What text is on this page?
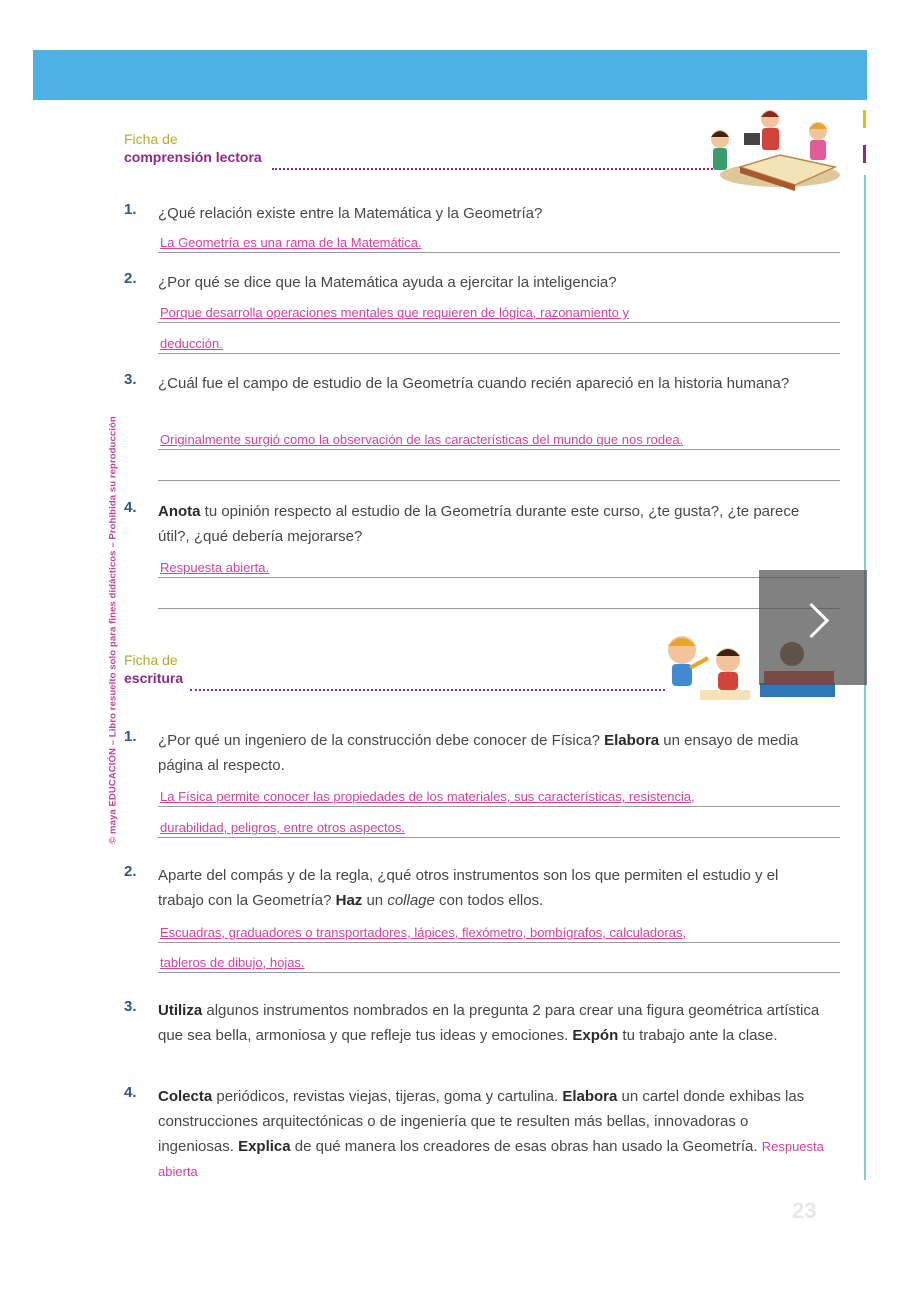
© maya EDUCACIÓN – Libro resuelto solo para fines didácticos – Prohibida su reproducción
Ficha de
comprensión lectora
1. ¿Qué relación existe entre la Matemática y la Geometría?
La Geometría es una rama de la Matemática.
2. ¿Por qué se dice que la Matemática ayuda a ejercitar la inteligencia?
Porque desarrolla operaciones mentales que requieren de lógica, razonamiento y
deducción.
3. ¿Cuál fue el campo de estudio de la Geometría cuando recién apareció en la historia humana?
Originalmente surgió como la observación de las características del mundo que nos rodea.
4. Anota tu opinión respecto al estudio de la Geometría durante este curso, ¿te gusta?, ¿te parece útil?, ¿qué debería mejorarse?
Respuesta abierta.
Ficha de
escritura
1. ¿Por qué un ingeniero de la construcción debe conocer de Física? Elabora un ensayo de media página al respecto.
La Física permite conocer las propiedades de los materiales, sus características, resistencia,
durabilidad, peligros, entre otros aspectos.
2. Aparte del compás y de la regla, ¿qué otros instrumentos son los que permiten el estudio y el trabajo con la Geometría? Haz un collage con todos ellos.
Escuadras, graduadores o transportadores, lápices, flexómetro, bombígrafos, calculadoras,
tableros de dibujo, hojas.
3. Utiliza algunos instrumentos nombrados en la pregunta 2 para crear una figura geométrica artística que sea bella, armoniosa y que refleje tus ideas y emociones. Expón tu trabajo ante la clase.
4. Colecta periódicos, revistas viejas, tijeras, goma y cartulina. Elabora un cartel donde exhibas las construcciones arquitectónicas o de ingeniería que te resulten más bellas, innovadoras o ingeniosas. Explica de qué manera los creadores de esas obras han usado la Geometría. Respuesta abierta
23
